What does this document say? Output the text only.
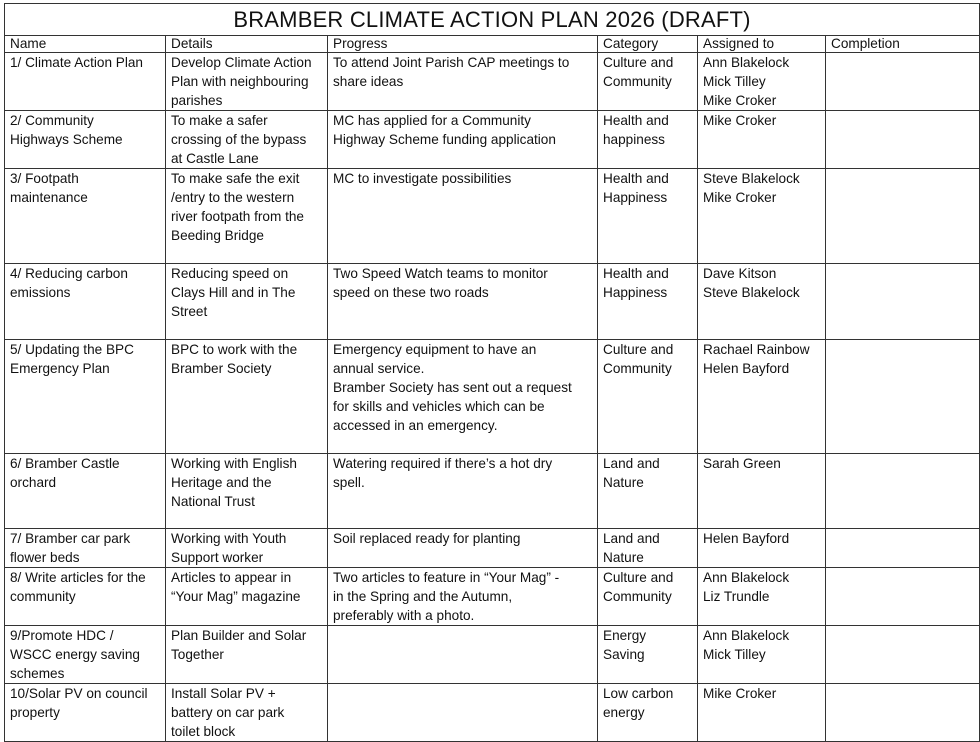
BRAMBER CLIMATE ACTION PLAN 2026 (DRAFT)					
Name	Details	Progress	Category	Assigned to	Completion

1/ Climate Action Plan	Develop Climate Action
Plan with neighbouring
parishes	To attend Joint Parish CAP meetings to
share ideas	Culture and
Community	Ann Blakelock
Mick Tilley
Mike Croker	

2/ Community
Highways Scheme	To make a safer
crossing of the bypass
at Castle Lane	MC has applied for a Community
Highway Scheme funding application	Health and
happiness	Mike Croker	

3/ Footpath
maintenance	To make safe the exit
/entry to the western
river footpath from the
Beeding Bridge	MC to investigate possibilities	Health and
Happiness	Steve Blakelock
Mike Croker	

4/ Reducing carbon
emissions	Reducing speed on
Clays Hill and in The
Street	Two Speed Watch teams to monitor
speed on these two roads	Health and
Happiness	Dave Kitson
Steve Blakelock	

5/ Updating the BPC
Emergency Plan	BPC to work with the
Bramber Society	Emergency equipment to have an
annual service.
Bramber Society has sent out a request
for skills and vehicles which can be
accessed in an emergency.	Culture and
Community	Rachael Rainbow
Helen Bayford	

6/ Bramber Castle
orchard	Working with English
Heritage and the
National Trust	Watering required if there’s a hot dry
spell.	Land and
Nature	Sarah Green	

7/ Bramber car park
flower beds	Working with Youth
Support worker	Soil replaced ready for planting	Land and
Nature	Helen Bayford	

8/ Write articles for the
community	Articles to appear in
“Your Mag” magazine	Two articles to feature in “Your Mag” -
in the Spring and the Autumn,
preferably with a photo.	Culture and
Community	Ann Blakelock
Liz Trundle	

9/Promote HDC /
WSCC energy saving
schemes	Plan Builder and Solar
Together		Energy
Saving	Ann Blakelock
Mick Tilley	

10/Solar PV on council
property	Install Solar PV +
battery on car park
toilet block		Low carbon
energy	Mike Croker	
